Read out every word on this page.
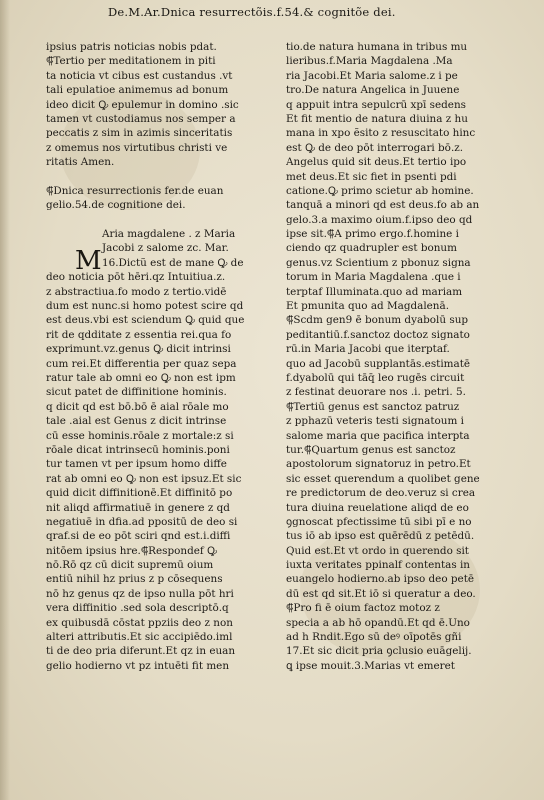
De.M.Ar.Dnica resurrectõis.f.54.& cognitõe dei.
M
ipsius patris noticias nobis pdat.
⸿Tertio per meditationem in piti
ta noticia vt cibus est custandus .vt
tali epulatioe animemus ad bonum
ideo dicit Ꝙ epulemur in domino .sic
tamen vt custodiamus nos semper a
peccatis z sim in azimis sinceritatis
z omemus nos virtutibus christi ve
ritatis Amen.
⸿Dnica resurrectionis fer.de euan
gelio.54.de cognitione dei.
Aria magdalene . z Maria
Jacobi z salome zc. Mar.
16.Dictũ est de mane Ꝙ de
deo noticia pōt hēri.qz Intuitiua.z.
z abstractiua.fo modo z tertio.vidē
dum est nunc.si homo potest scire qd
est deus.vbi est sciendum Ꝙ quid que
rit de qdditate z essentia rei.qua fo
exprimunt.vz.genus Ꝙ dicit intrinsi
cum rei.Et differentia per quaz sepa
ratur tale ab omni eo Ꝙ non est ipm
sicut patet de diffinitione hominis.
q dicit qd est bō.bō ē aial rōale mo
tale .aial est Genus z dicit intrinse
cū esse hominis.rōale z mortale:z si
rōale dicat intrinsecū hominis.poni
tur tamen vt per ipsum homo diffe
rat ab omni eo Ꝙ non est ipsuz.Et sic
quid dicit diffinitionē.Et diffinitō po
nit aliqd affirmatiuē in genere z qd
negatiuē in dfia.ad ppositū de deo si
qraf.si de eo pōt sciri qnd est.i.diffi
nitōem ipsius hre.⸿Respondef Ꝙ
nō.Rō qz cū dicit supremū oium
entiū nihil hz prius z p cōsequens
nō hz genus qz de ipso nulla pōt hri
vera diffinitio .sed sola descriptō.q
ex quibusdā cōstat ppziis deo z non
alteri attributis.Et sic accipiēdo.iml
ti de deo pria diferunt.Et qz in euan
gelio hodierno vt pz intuēti fit men
tio.de natura humana in tribus mu
lieribus.f.Maria Magdalena .Ma
ria Jacobi.Et Maria salome.z i pe
tro.De natura Angelica in Juuene
q appuit intra sepulcrū xpī sedens
Et fit mentio de natura diuina z hu
mana in xpo ẽsito z resuscitato hinc
est Ꝙ de deo pōt interrogari bō.z.
Angelus quid sit deus.Et tertio ipo
met deus.Et sic fiet in psenti pdi
catione.Ꝙ primo scietur ab homine.
tanquā a minori qd est deus.fo ab an
gelo.3.a maximo oium.f.ipso deo qd
ipse sit.⸿A primo ergo.f.homine i
ciendo qz quadrupler est bonum
genus.vz Scientium z pbonuz signa
torum in Maria Magdalena .que i
terptaf Illuminata.quo ad mariam
Et pmunita quo ad Magdalenā.
⸿Scdm gen9 ē bonum dyabolū sup
peditantiū.f.sanctoz doctoz signato
rū.in Maria Jacobi que iterptaf.
quo ad Jacobū supplantās.estimatē
f.dyabolū qui tāq̄ leo rugēs circuit
z festinat deuorare nos .i. petri. 5.
⸿Tertiū genus est sanctoz patruz
z pphazū veteris testi signatoum i
salome maria que pacifica interpta
tur.⸿Quartum genus est sanctoz
apostolorum signatoruz in petro.Et
sic esset querendum a quolibet gene
re predictorum de deo.veruz si crea
tura diuina reuelatione aliqd de eo
ꝯgnoscat pfectissime tū sibi pī e no
tus iō ab ipso est quērēdū z petēdū.
Quid est.Et vt ordo in querendo sit
iuxta veritates ppinalf contentas in
euangelo hodierno.ab ipso deo petē
dū est qd sit.Et iō si queratur a deo.
⸿Pro fi ē oium factoz motoz z
specia a ab hō opandū.Et qd ē.Uno
ad h Rndit.Ego sū deꝰ oīpotēs gñi
17.Et sic dicit pria ꝯclusio euāgelij.
ꝗ ipse mouit.3.Marias vt emeret
